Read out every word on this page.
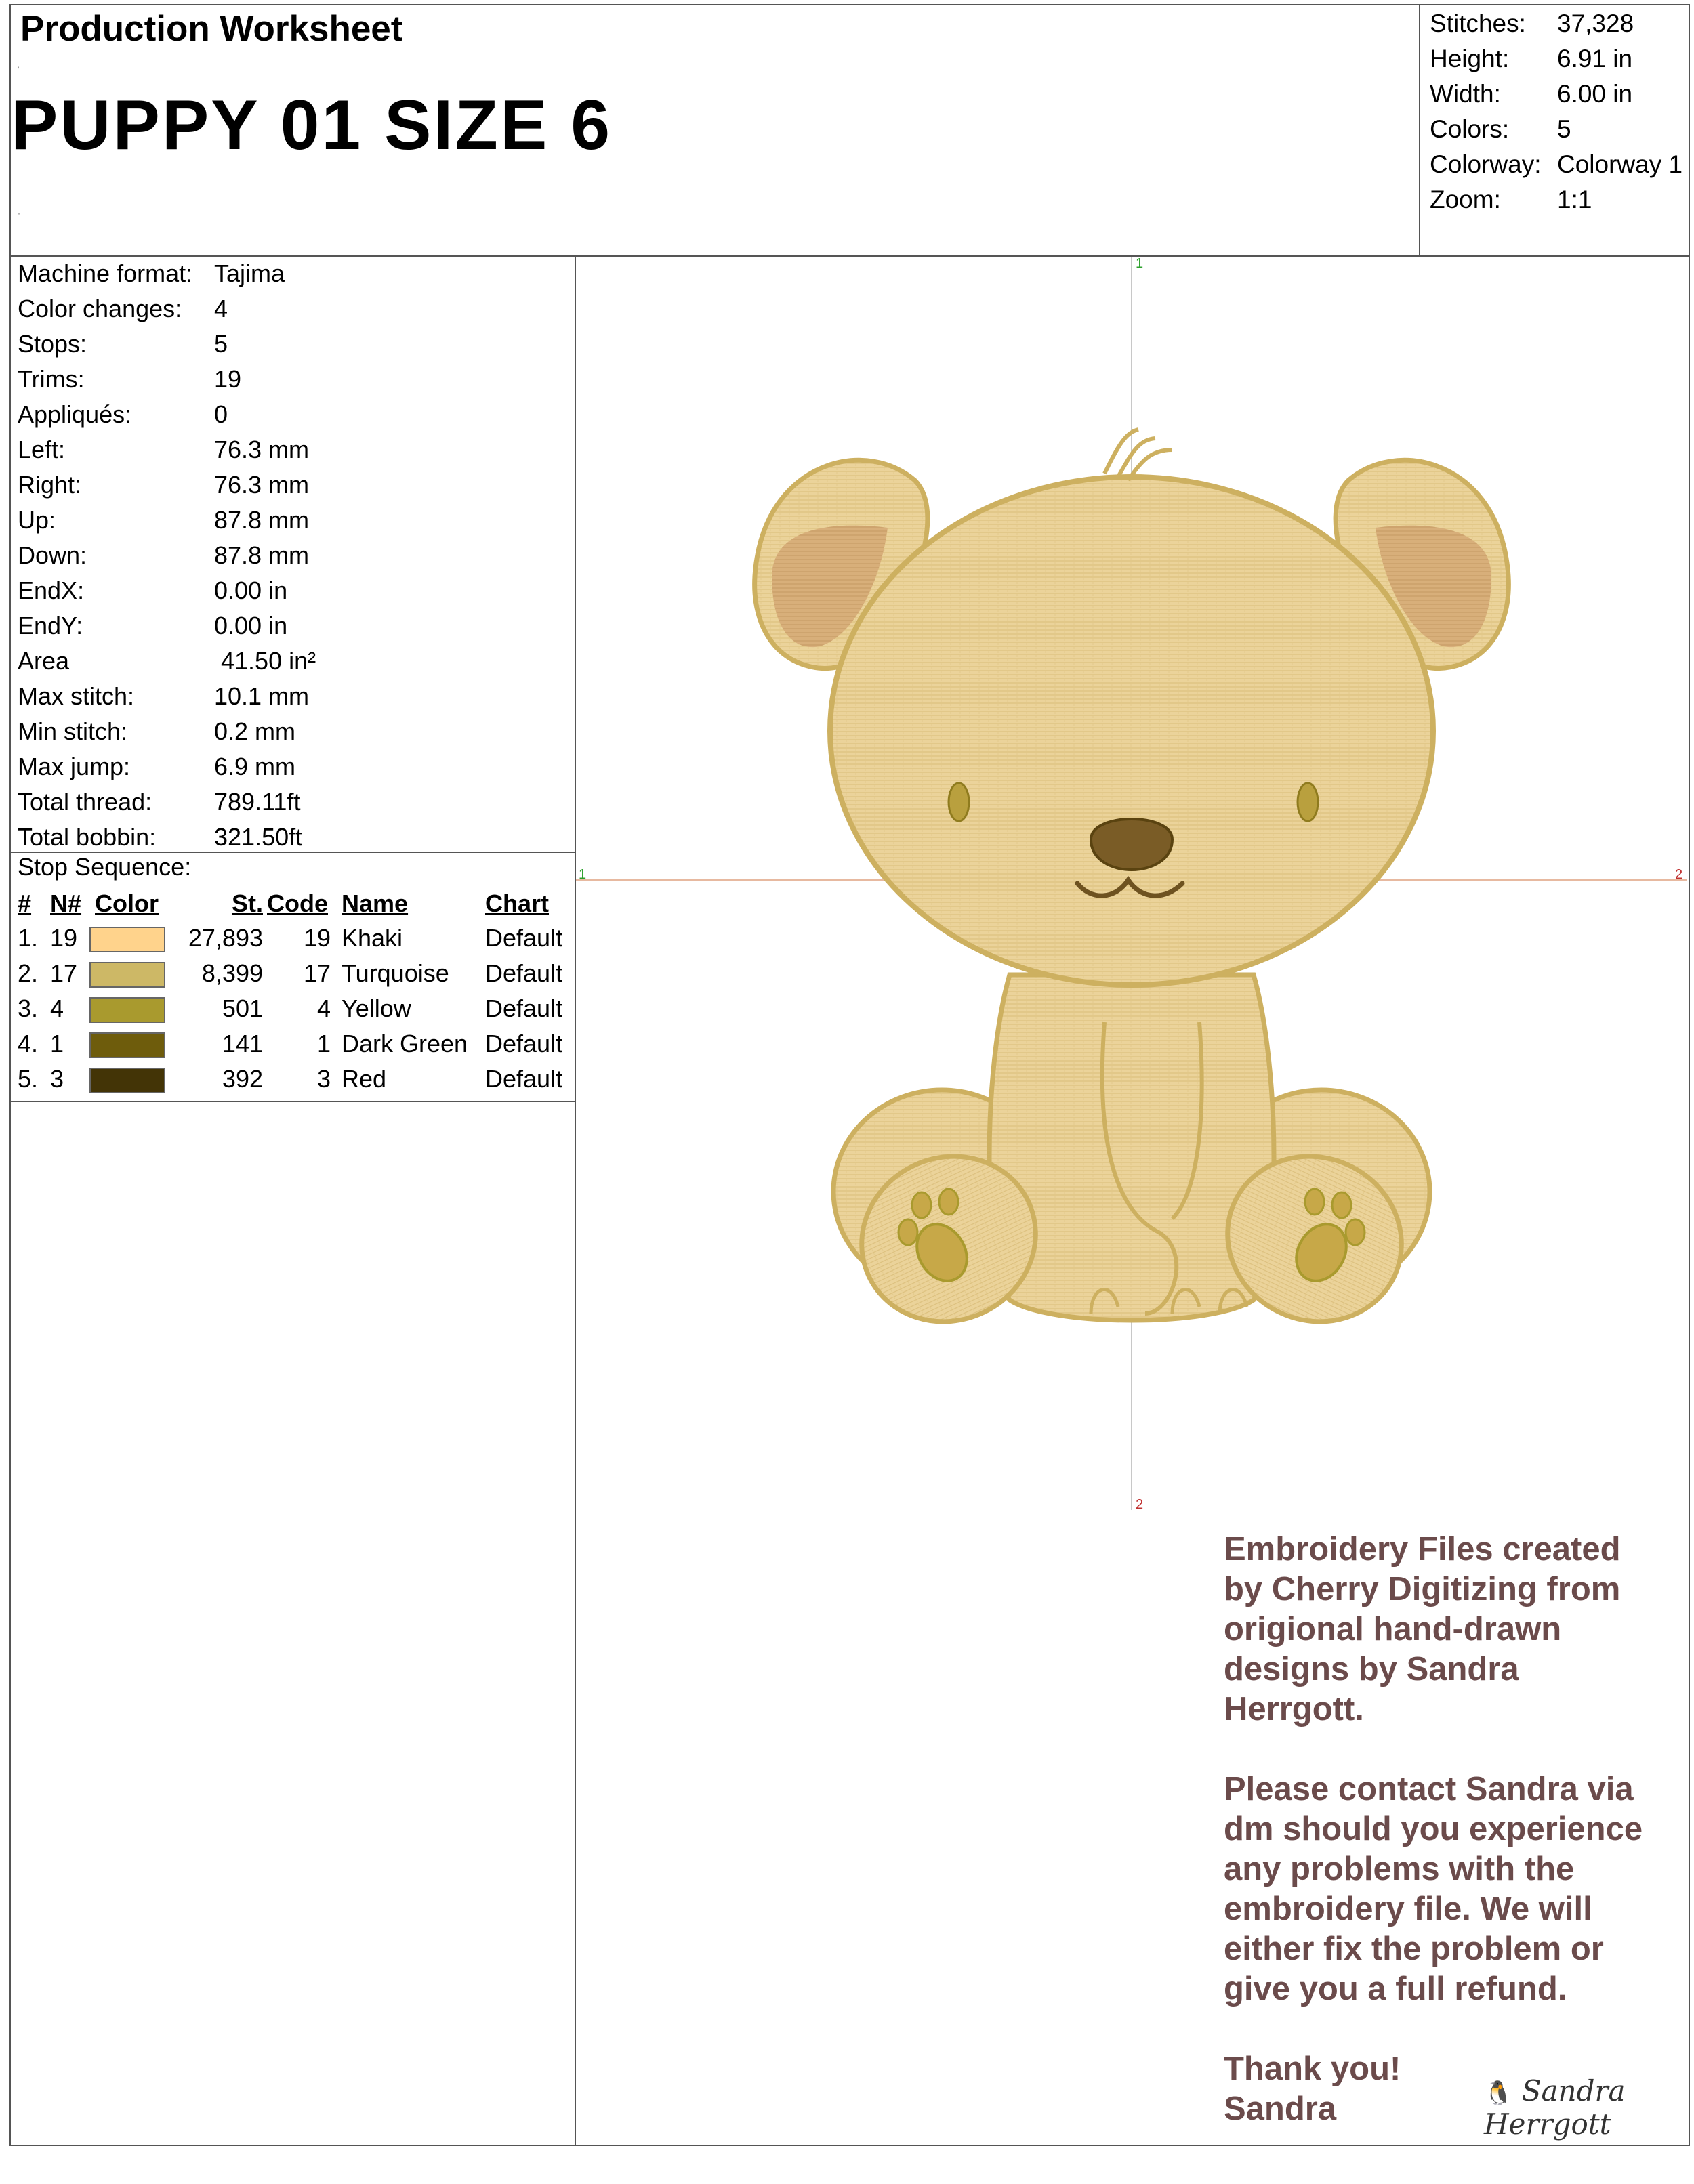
Production Worksheet
'
PUPPY 01 SIZE 6
·
Stitches: 37,328
Height: 6.91 in
Width: 6.00 in
Colors: 5
Colorway: Colorway 1
Zoom: 1:1
Machine format: Tajima
Color changes: 4
Stops:	5
Trims:	19
Appliqués:	0
Left:	76.3 mm
Right:	76.3 mm
Up:	87.8 mm
Down:	87.8 mm
EndX:	0.00 in
EndY:	0.00 in
Area	41.50 in²
Max stitch:	10.1 mm
Min stitch:	0.2 mm
Max jump:	6.9 mm
Total thread:	789.11ft
Total bobbin: 321.50ft
Stop Sequence:
# N# Color	St. Code Name	Chart
1. 19	27,893	19 Khaki	Default
2. 17	8,399	17 Turquoise Default
3. 4	501	4 Yellow	Default
4. 1	141	1 Dark Green Default
5. 3	392	3 Red	Default
1
1	2
2
Embroidery Files created by Cherry Digitizing from origional hand-drawn designs by Sandra Herrgott.
Please contact Sandra via dm should you experience any problems with the embroidery file. We will either fix the problem or give you a full refund.
Thank you!
Sandra	🐧 Sandra Herrgott
